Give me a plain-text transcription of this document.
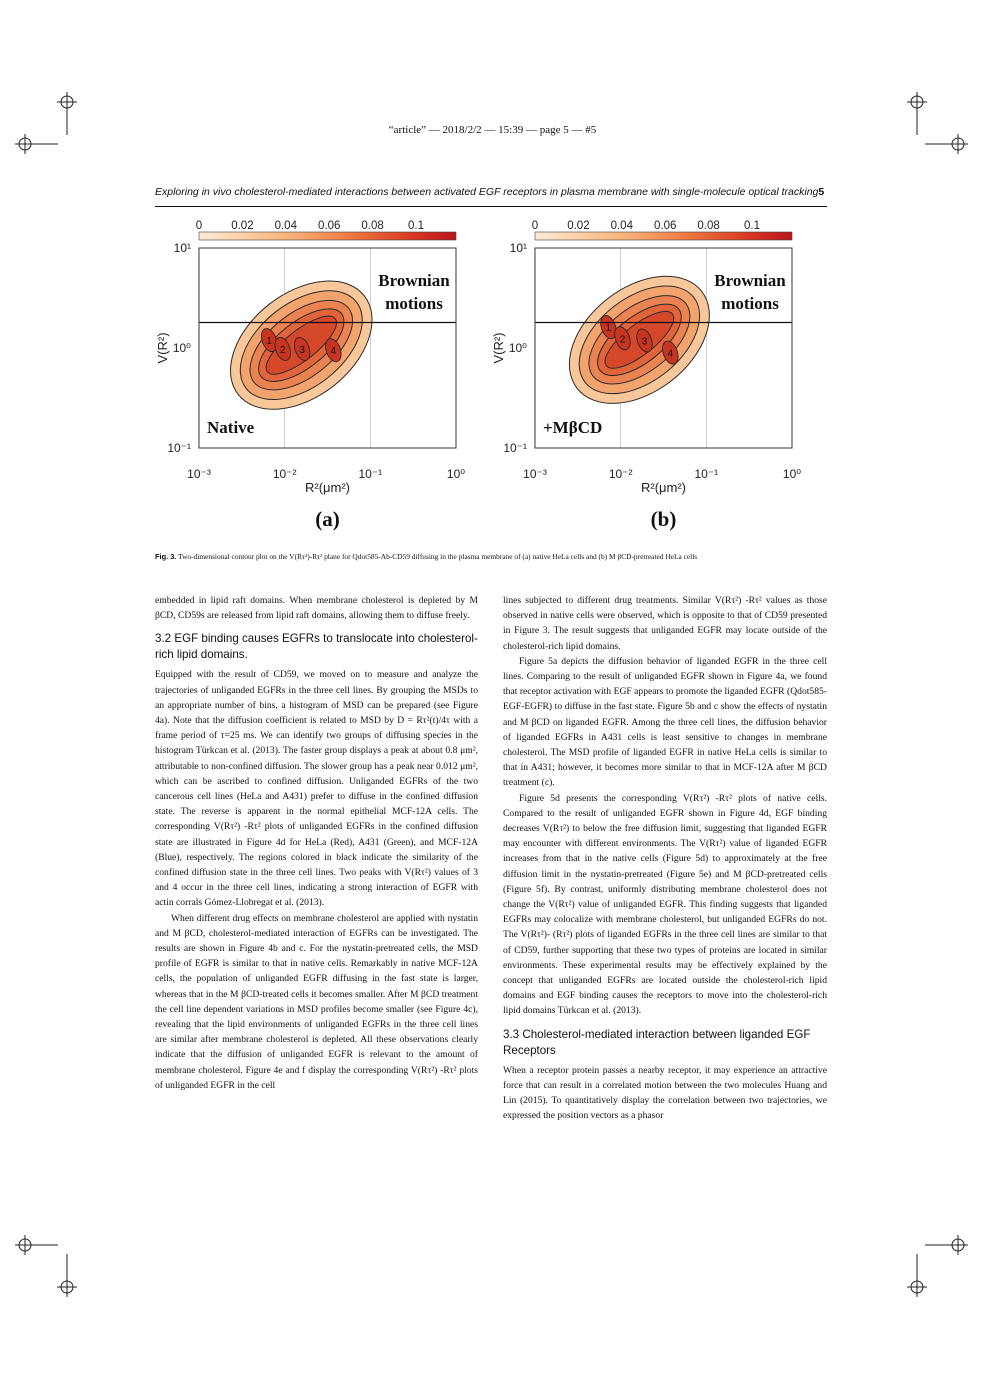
“article” — 2018/2/2 — 15:39 — page 5 — #5
Exploring in vivo cholesterol-mediated interactions between activated EGF receptors in plasma membrane with single-molecule optical tracking5
0	0.02 0.04 0.06 0.08 0.1
1
2 3	4
Brownian
motions
Native
10⁻¹
10⁰
10¹
10⁻³	10⁻²	10⁻¹	10⁰
V(R²)
R²(μm²)
(a)
0	0.02 0.04 0.06 0.08 0.1
1
2 3
4
Brownian
motions
+MβCD
10⁻¹
10⁰
10¹
10⁻³	10⁻²	10⁻¹	10⁰
V(R²)
R²(μm²)
(b)
Fig. 3. Two-dimensional contour plot on the V(Rτ²)-Rτ² plane for Qdot585-Ab-CD59 diffusing in the plasma membrane of (a) native HeLa cells and (b) M βCD-pretreated HeLa cells

embedded in lipid raft domains. When membrane cholesterol is depleted by M βCD, CD59s are released from lipid raft domains, allowing them to diffuse freely.

3.2 EGF binding causes EGFRs to translocate into cholesterol-rich lipid domains.

Equipped with the result of CD59, we moved on to measure and analyze the trajectories of unliganded EGFRs in the three cell lines. By grouping the MSDs to an appropriate number of bins, a histogram of MSD can be prepared (see Figure 4a). Note that the diffusion coefficient is related to MSD by D = Rτ²(t)/4τ with a frame period of τ=25 ms. We can identify two groups of diffusing species in the histogram Türkcan et al. (2013). The faster group displays a peak at about 0.8 μm², attributable to non-confined diffusion. The slower group has a peak near 0.012 μm², which can be ascribed to confined diffusion. Unliganded EGFRs of the two cancerous cell lines (HeLa and A431) prefer to diffuse in the confined diffusion state. The reverse is apparent in the normal epithelial MCF-12A cells. The corresponding V(Rτ²) -Rτ² plots of unliganded EGFRs in the confined diffusion state are illustrated in Figure 4d for HeLa (Red), A431 (Green), and MCF-12A (Blue), respectively. The regions colored in black indicate the similarity of the confined diffusion state in the three cell lines. Two peaks with V(Rτ²) values of 3 and 4 occur in the three cell lines, indicating a strong interaction of EGFR with actin corrals Gómez-Llobregat et al. (2013).

When different drug effects on membrane cholesterol are applied with nystatin and M βCD, cholesterol-mediated interaction of EGFRs can be investigated. The results are shown in Figure 4b and c. For the nystatin-pretreated cells, the MSD profile of EGFR is similar to that in native cells. Remarkably in native MCF-12A cells, the population of unliganded EGFR diffusing in the fast state is larger, whereas that in the M βCD-treated cells it becomes smaller. After M βCD treatment the cell line dependent variations in MSD profiles become smaller (see Figure 4c), revealing that the lipid environments of unliganded EGFRs in the three cell lines are similar after membrane cholesterol is depleted. All these observations clearly indicate that the diffusion of unliganded EGFR is relevant to the amount of membrane cholesterol. Figure 4e and f display the corresponding V(Rτ²) -Rτ² plots of unliganded EGFR in the cell

lines subjected to different drug treatments. Similar V(Rτ²) -Rτ² values as those observed in native cells were observed, which is opposite to that of CD59 presented in Figure 3. The result suggests that unliganded EGFR may locate outside of the cholesterol-rich lipid domains.

Figure 5a depicts the diffusion behavior of liganded EGFR in the three cell lines. Comparing to the result of unliganded EGFR shown in Figure 4a, we found that receptor activation with EGF appears to promote the liganded EGFR (Qdot585-EGF-EGFR) to diffuse in the fast state. Figure 5b and c show the effects of nystatin and M βCD on liganded EGFR. Among the three cell lines, the diffusion behavior of liganded EGFRs in A431 cells is least sensitive to changes in membrane cholesterol. The MSD profile of liganded EGFR in native HeLa cells is similar to that in A431; however, it becomes more similar to that in MCF-12A after M βCD treatment (c).

Figure 5d presents the corresponding V(Rτ²) -Rτ² plots of native cells. Compared to the result of unliganded EGFR shown in Figure 4d, EGF binding decreases V(Rτ²) to below the free diffusion limit, suggesting that liganded EGFR may encounter with different environments. The V(Rτ²) value of liganded EGFR increases from that in the native cells (Figure 5d) to approximately at the free diffusion limit in the nystatin-pretreated (Figure 5e) and M βCD-pretreated cells (Figure 5f). By contrast, uniformly distributing membrane cholesterol does not change the V(Rτ²) value of unliganded EGFR. This finding suggests that liganded EGFRs may colocalize with membrane cholesterol, but unliganded EGFRs do not. The V(Rτ²)- (Rτ²) plots of liganded EGFRs in the three cell lines are similar to that of CD59, further supporting that these two types of proteins are located in similar environments. These experimental results may be effectively explained by the concept that unliganded EGFRs are located outside the cholesterol-rich lipid domains and EGF binding causes the receptors to move into the cholesterol-rich lipid domains Türkcan et al. (2013).

3.3 Cholesterol-mediated interaction between liganded EGF Receptors

When a receptor protein passes a nearby receptor, it may experience an attractive force that can result in a correlated motion between the two molecules Huang and Lin (2015). To quantitatively display the correlation between two trajectories, we expressed the position vectors as a phasor
